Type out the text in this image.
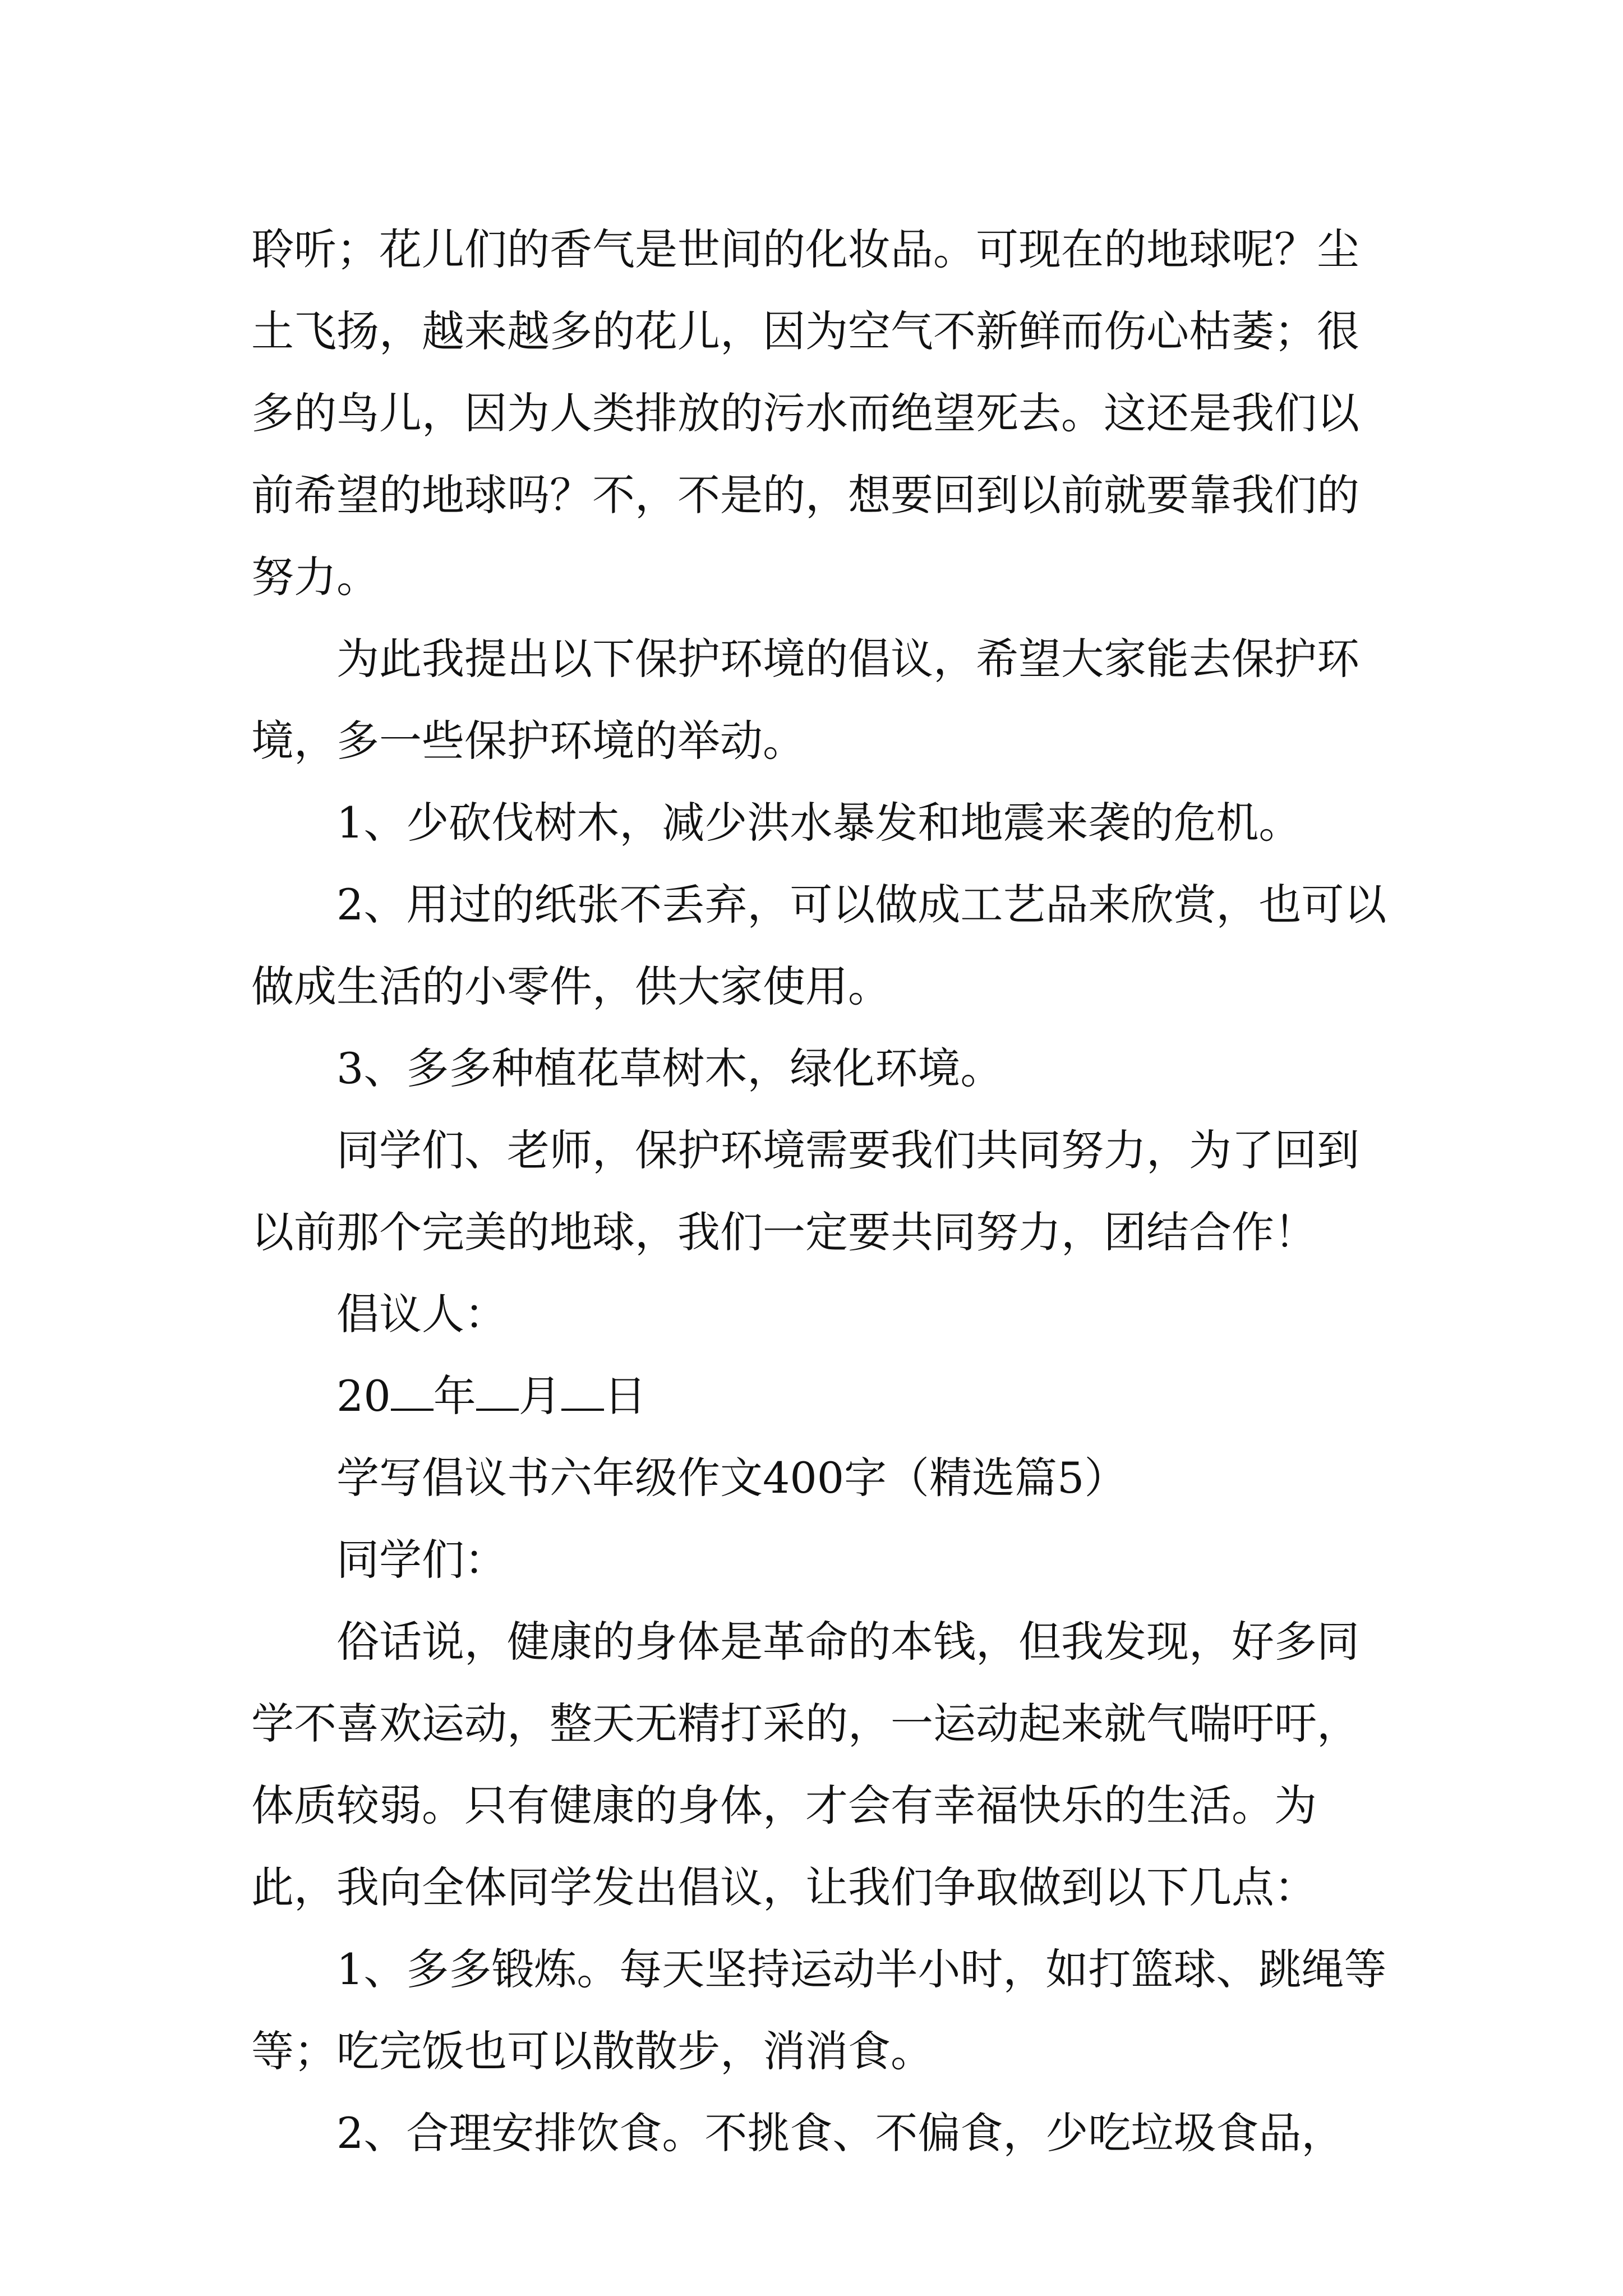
聆听；花儿们的香气是世间的化妆品。可现在的地球呢？尘土飞扬，越来越多的花儿，因为空气不新鲜而伤心枯萎；很多的鸟儿，因为人类排放的污水而绝望死去。这还是我们以前希望的地球吗？不，不是的，想要回到以前就要靠我们的努力。

为此我提出以下保护环境的倡议，希望大家能去保护环境，多一些保护环境的举动。

1、少砍伐树木，减少洪水暴发和地震来袭的危机。

2、用过的纸张不丢弃，可以做成工艺品来欣赏，也可以做成生活的小零件，供大家使用。

3、多多种植花草树木，绿化环境。

同学们、老师，保护环境需要我们共同努力，为了回到以前那个完美的地球，我们一定要共同努力，团结合作！

倡议人：

20 年 月 日

学写倡议书六年级作文400字（精选篇5）

同学们：

俗话说，健康的身体是革命的本钱，但我发现，好多同学不喜欢运动，整天无精打采的，一运动起来就气喘吁吁，体质较弱。只有健康的身体，才会有幸福快乐的生活。为此，我向全体同学发出倡议，让我们争取做到以下几点：

1、多多锻炼。每天坚持运动半小时，如打篮球、跳绳等等；吃完饭也可以散散步，消消食。

2、合理安排饮食。不挑食、不偏食，少吃垃圾食品，
